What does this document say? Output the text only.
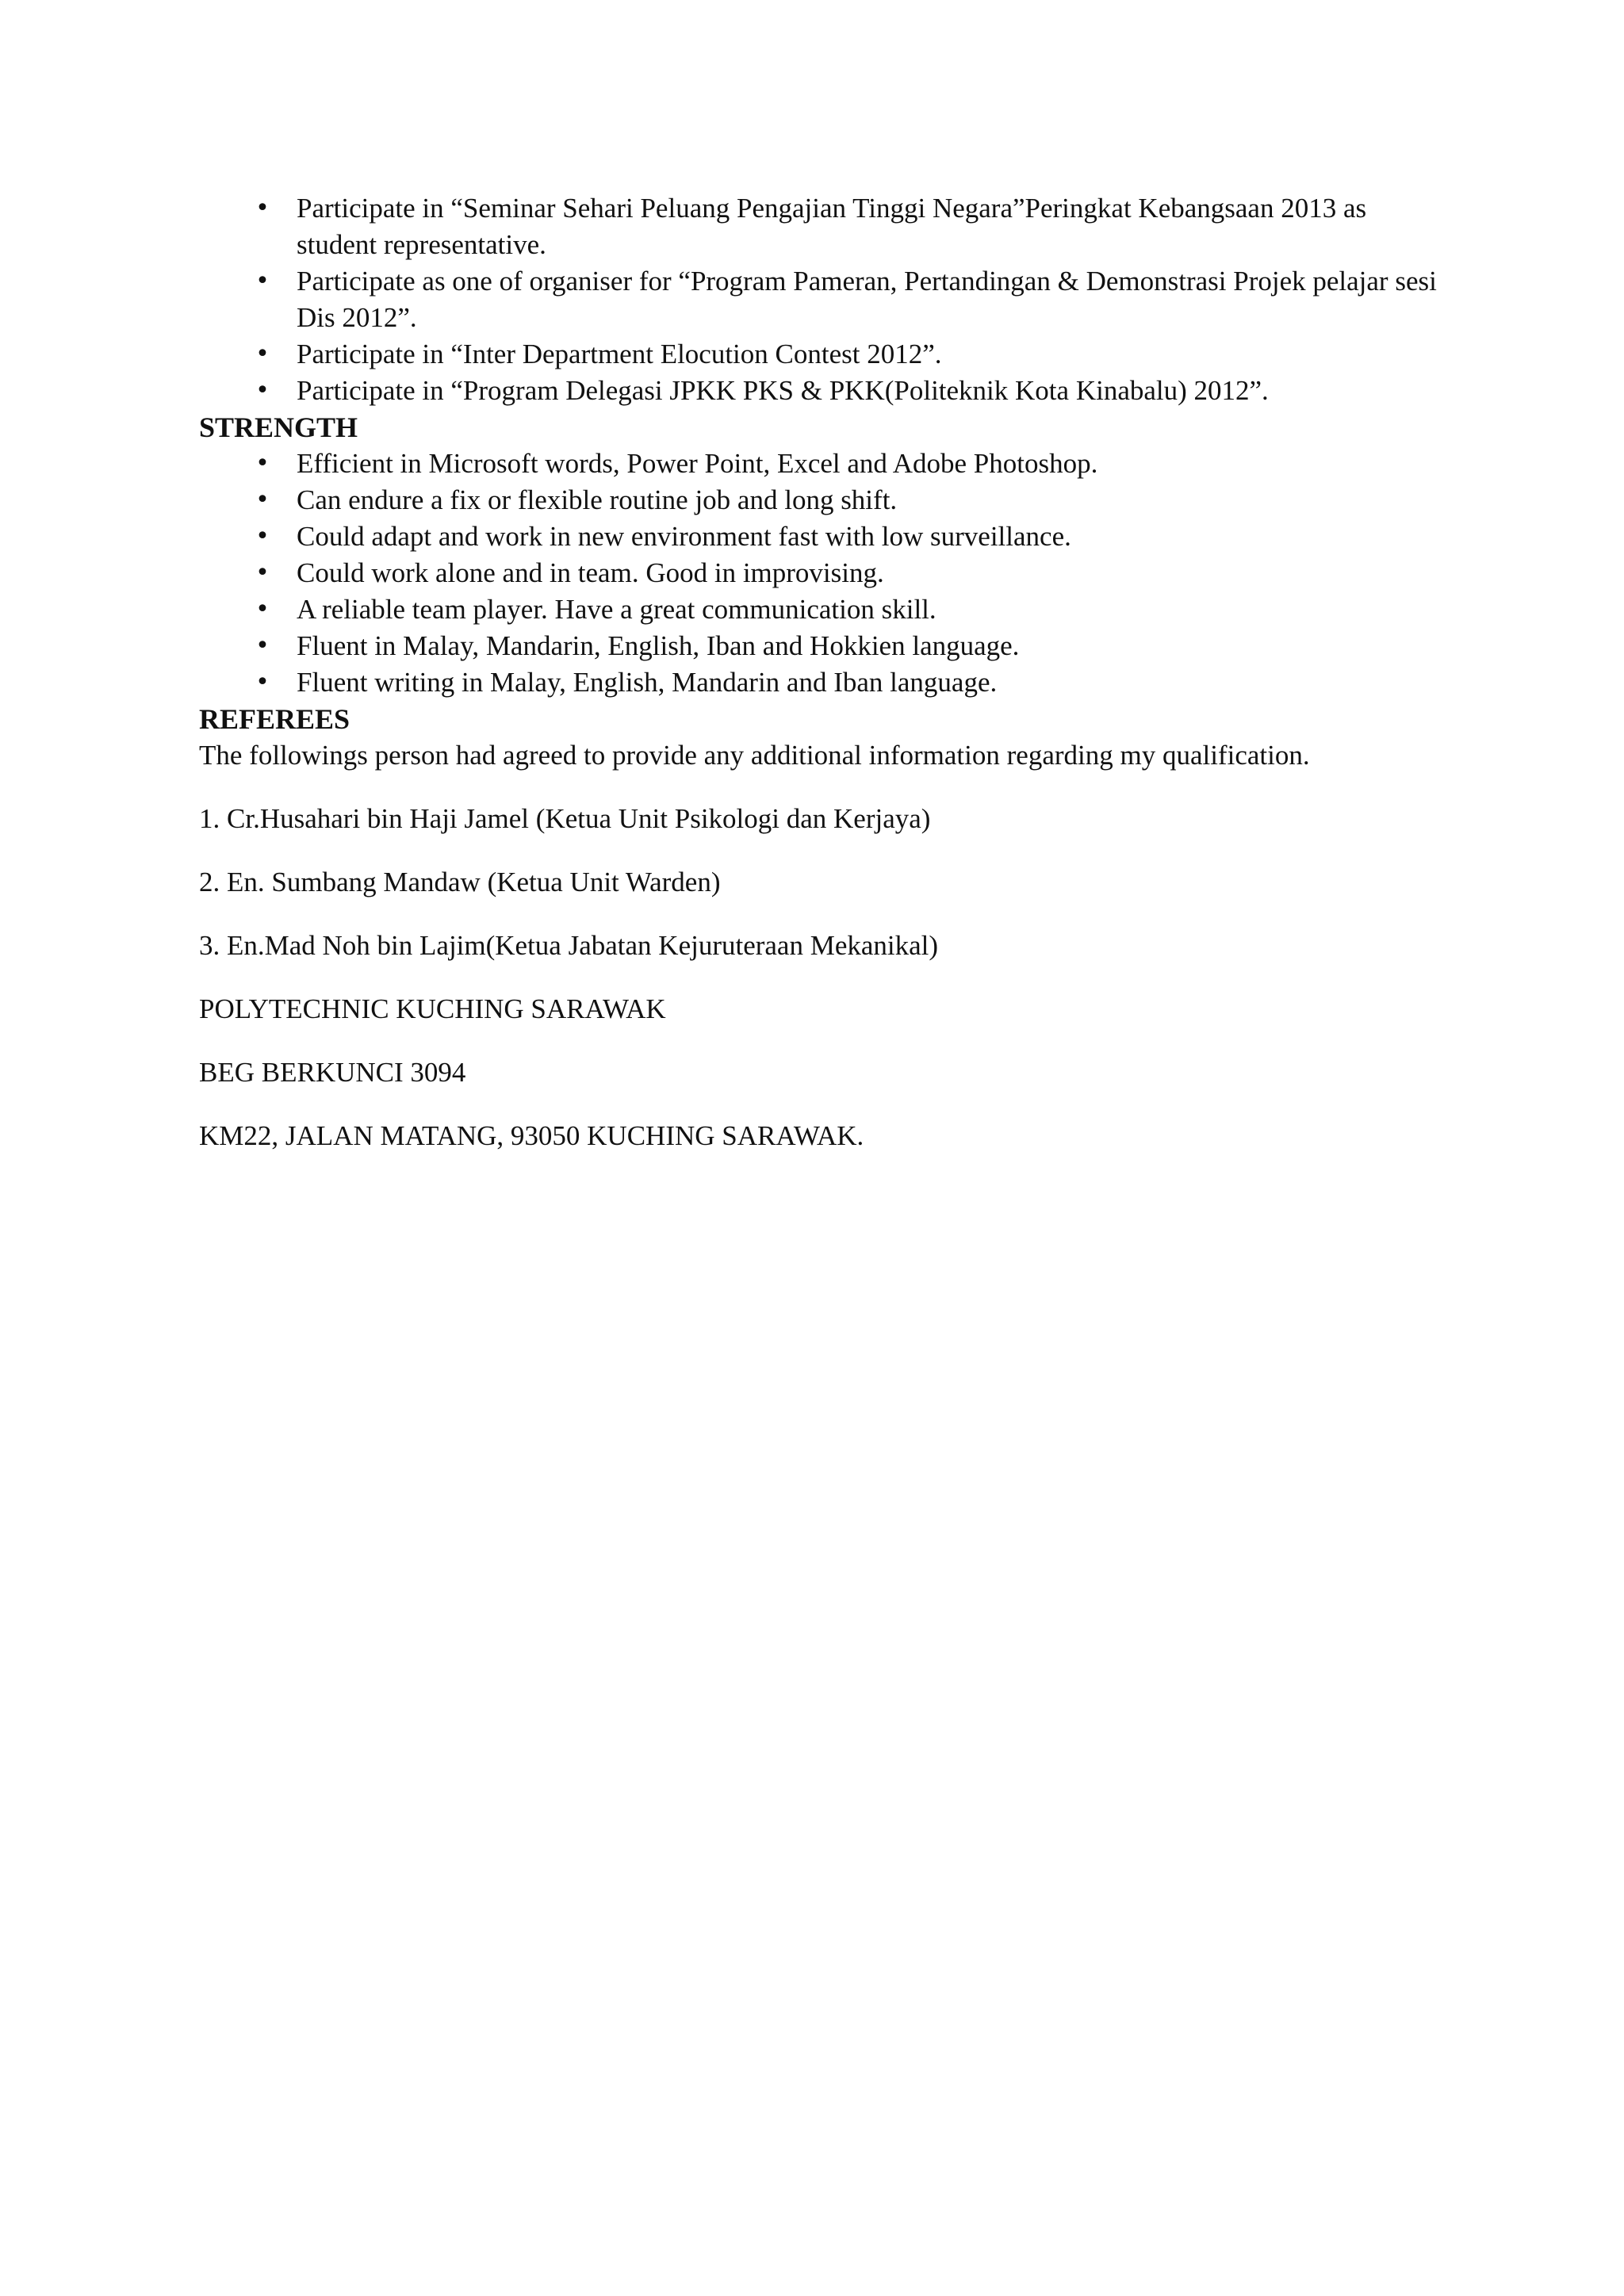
• Participate in “Seminar Sehari Peluang Pengajian Tinggi Negara”Peringkat Kebangsaan 2013 as student representative.
• Participate as one of organiser for “Program Pameran, Pertandingan & Demonstrasi Projek pelajar sesi Dis 2012”.
• Participate in “Inter Department Elocution Contest 2012”.
• Participate in “Program Delegasi JPKK PKS & PKK(Politeknik Kota Kinabalu) 2012”.
STRENGTH
• Efficient in Microsoft words, Power Point, Excel and Adobe Photoshop.
• Can endure a fix or flexible routine job and long shift.
• Could adapt and work in new environment fast with low surveillance.
• Could work alone and in team. Good in improvising.
• A reliable team player. Have a great communication skill.
• Fluent in Malay, Mandarin, English, Iban and Hokkien language.
• Fluent writing in Malay, English, Mandarin and Iban language.
REFEREES

The followings person had agreed to provide any additional information regarding my qualification.

1. Cr.Husahari bin Haji Jamel (Ketua Unit Psikologi dan Kerjaya)

2. En. Sumbang Mandaw (Ketua Unit Warden)

3. En.Mad Noh bin Lajim(Ketua Jabatan Kejuruteraan Mekanikal)

POLYTECHNIC KUCHING SARAWAK

BEG BERKUNCI 3094

KM22, JALAN MATANG, 93050 KUCHING SARAWAK.
